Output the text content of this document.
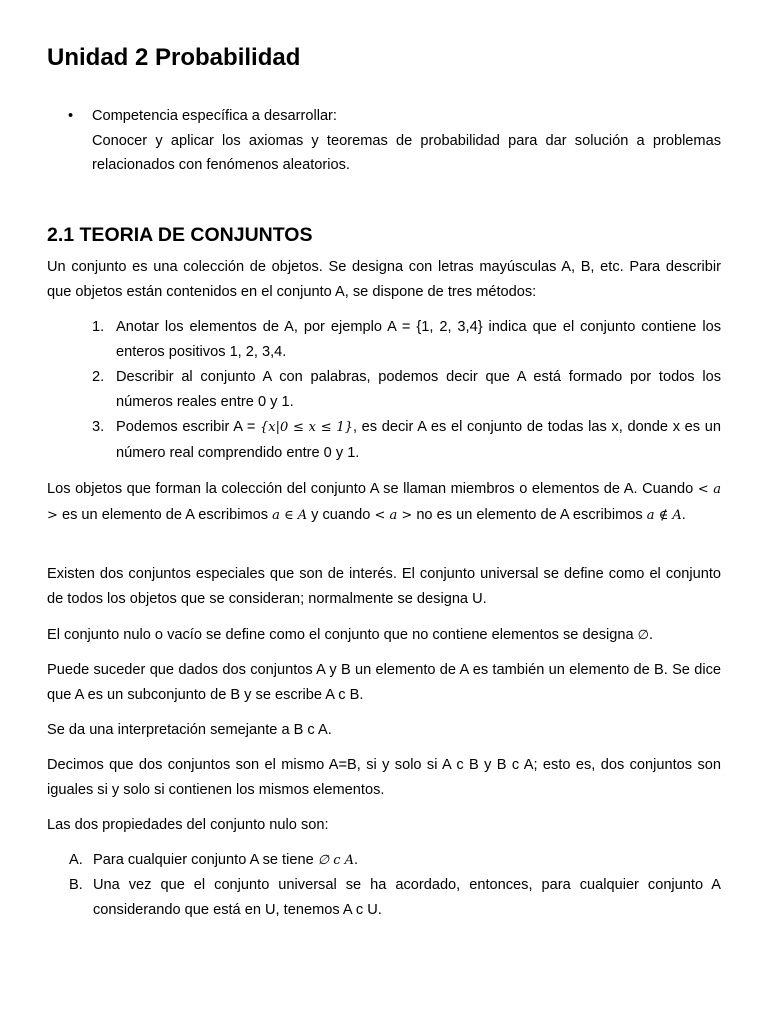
Unidad 2 Probabilidad
• Competencia específica a desarrollar:

Conocer y aplicar los axiomas y teoremas de probabilidad para dar solución a problemas relacionados con fenómenos aleatorios.

2.1 TEORIA DE CONJUNTOS

Un conjunto es una colección de objetos. Se designa con letras mayúsculas A, B, etc. Para describir que objetos están contenidos en el conjunto A, se dispone de tres métodos:

1. Anotar los elementos de A, por ejemplo A = {1, 2, 3,4} indica que el conjunto contiene los enteros positivos 1, 2, 3,4.

2. Describir al conjunto A con palabras, podemos decir que A está formado por todos los números reales entre 0 y 1.

3. Podemos escribir A = {x|0 ≤ x ≤ 1}, es decir A es el conjunto de todas las x, donde x es un número real comprendido entre 0 y 1.

Los objetos que forman la colección del conjunto A se llaman miembros o elementos de A. Cuando < a > es un elemento de A escribimos a ∈ A y cuando < a > no es un elemento de A escribimos a ∉ A.

Existen dos conjuntos especiales que son de interés. El conjunto universal se define como el conjunto de todos los objetos que se consideran; normalmente se designa U.

El conjunto nulo o vacío se define como el conjunto que no contiene elementos se designa ∅.

Puede suceder que dados dos conjuntos A y B un elemento de A es también un elemento de B. Se dice que A es un subconjunto de B y se escribe A c B.

Se da una interpretación semejante a B c A.

Decimos que dos conjuntos son el mismo A=B, si y solo si A c B y B c A; esto es, dos conjuntos son iguales si y solo si contienen los mismos elementos.

Las dos propiedades del conjunto nulo son:

A. Para cualquier conjunto A se tiene ∅ c A.

B. Una vez que el conjunto universal se ha acordado, entonces, para cualquier conjunto A considerando que está en U, tenemos A c U.
